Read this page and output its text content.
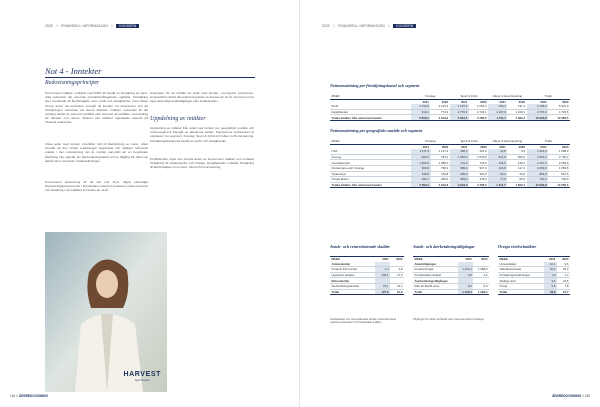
2020 // FINANSIELL INFORMASJON // KONSERN
Not 4 - Inntekter
Redovisningsprinciper

Koncernens intäkter i enlighet med IFRS 15 består av försäljning av varor, vilka redovisas när varornas prestationsåtaganden uppfyllts. Försäljning sker framförallt till återförsäljare inom profil och detaljhandel. New Wave Group anser att kontrollen övergår till kunden vid leveransen och att försäljningen redovisas vid denna tidpunkt. Intäkten redovisas till det verkliga värdet av vad som erhållits eller kommer att erhållas, med avdrag för rabatter och returer. Returer och rabatter uppskattas baserat på historisk erfarenhet.

Vissa avtal med kunder innehåller rätt till återlämning av varor, vilket innebär att den rörliga ersättningen begränsas och intäkten redovisas endast i den utsträckning det är mycket sannolikt att en betydande återföring inte uppstår. En återbetalningsskuld och en tillgång för rätten att återfå varor redovisas i balansräkningen.

Koncernens bedömning är att det inte finns några väsentliga finansieringskomponenter i kundavtalen eftersom perioden mellan leverans och betalning i normalfallet är kortare än ett år.

Kostnader för att erhålla ett avtal med kunder, exempelvis provisioner, kostnadsförs direkt då avskrivningstiden är kortare än ett år. Koncernen har inga väsentliga avtalstillgångar eller avtalsskulder.

Uppdelning av intäkter

Uppdelning av intäkter från avtal med kunder per geografiskt område och rörelsesegment framgår av tabellerna nedan. Koncernens verksamhet är uppdelad i tre segment: Företag, Sport & Fritid och Gåvor & Heminredning. Försäljningskanalerna består av profil- och detaljhandel.

Profilhandeln utgör den största delen av koncernens intäkter och omfattar försäljning till reklambyråer och företag. Detaljhandeln omfattar försäljning till återförsäljare inom sport, fritid och heminredning.

HARVEST
sportswear
184 // ÅRSREDOVISNING
2020 // FINANSIELL INFORMASJON // KONSERN
Nettoomsättning per försäljningskanal och segment
MSEK	Företag		Sport & Fritid		Gåvor & Heminredning		Totalt	
	2021	2020	2021	2020	2021	2020	2021	2020
Profil	4 744,9	4 145,3	1 157,6	1 064,4	204,1	131,3	6 106,6	5 341,0
Detaljhandel	913,2	774,3	2 776,4	2 722,1	1 107,6	1 229,1	4 797,2	4 725,5
Totala intäkter från avtal med kunder	5 658,1	4 919,6	3 934,0	3 786,5	1 311,7	1 360,4	10 903,8	10 066,5
Nettoomsättning per geografiskt område och segment
MSEK	Företag		Sport & Fritid		Gåvor & Heminredning		Totalt	
	2021	2020	2021	2020	2021	2020	2021	2020
USA	1 471,9	1 197,4	456,3	401,0	12,8	9,9	1 941,0	1 608,3
Sverige	829,3	763,1	1 062,0	1 003,8	931,9	993,3	2 823,2	2 760,2
Centraleuropa	1 609,9	1 388,0	741,0	733,6	146,5	139,3	2 497,4	2 260,9
Nordeuropa exkl. Sverige	906,8	798,3	985,4	967,9	116,8	117,4	2 009,0	1 883,6
Sydeuropa	549,5	476,8	305,3	301,9	26,2	33,9	881,0	812,6
Övriga länder	290,7	296,0	383,0	378,3	77,5	66,6	751,2	740,9
Totala intäkter från avtal med kunder	5 658,1	4 919,6	3 934,0	3 786,5	1 311,7	1 360,4	10 903,8	10 066,5
Avtals- och returrelaterade skulder
MSEK	2021	2020
Avtalsskulder		
Förskott från kunder	4,4	4,8
Upplupna rabatter	100,1	74,0
Returskulder		
Återbetalningsskulder	23,1	19,1
Totalt	127,6	97,9
Avtalsskulder och returrelaterade skulder redovisas bland upplupna kostnader och förutbetalda intäkter.
Avtals- och återbetalningstillgångar
MSEK	2021	2020
Avtalstillgångar		
Kundfordringar	1 423,2	1 288,9
Förutbetalda rabatter	3,9	4,2
Återbetalningstillgångar		
Rätt att återfå varor	8,2	6,3
Totalt	1 435,3	1 299,4
Tillgången för rätten att återfå varor redovisas bland varulager.
Övriga rörelseintäkter
MSEK	2021	2020
Hyresintäkter	10,1	9,6
Valutakursvinster	26,4	35,4
Försäkringsersättningar	1,9	1,4
Statliga stöd	3,6	22,5
Övrigt	6,8	7,8
Totalt	48,8	76,7
ÅRSREDOVISNING // 185
